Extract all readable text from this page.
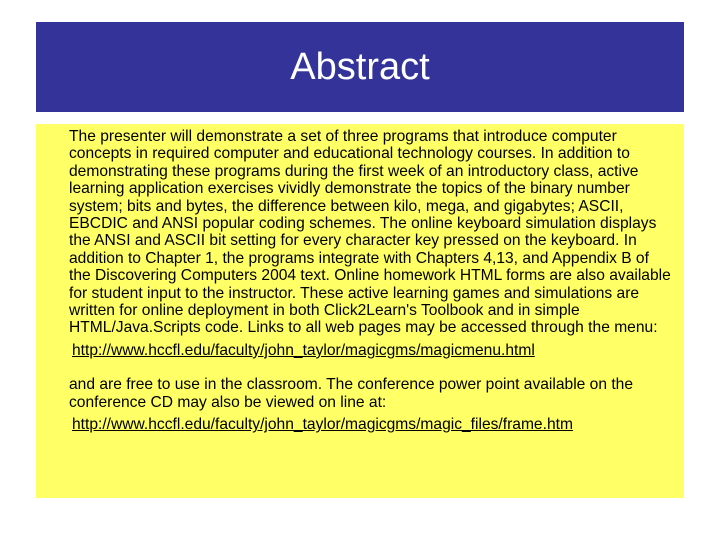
Abstract

The presenter will demonstrate a set of three programs that introduce computer concepts in required computer and educational technology courses. In addition to demonstrating these programs during the first week of an introductory class, active learning application exercises vividly demonstrate the topics of the binary number system; bits and bytes, the difference between kilo, mega, and gigabytes; ASCII, EBCDIC and ANSI popular coding schemes. The online keyboard simulation displays the ANSI and ASCII bit setting for every character key pressed on the keyboard. In addition to Chapter 1, the programs integrate with Chapters 4,13, and Appendix B of the Discovering Computers 2004 text. Online homework HTML forms are also available for student input to the instructor. These active learning games and simulations are written for online deployment in both Click2Learn's Toolbook and in simple HTML/Java.Scripts code. Links to all web pages may be accessed through the menu:

http://www.hccfl.edu/faculty/john_taylor/magicgms/magicmenu.html

and are free to use in the classroom. The conference power point available on the conference CD may also be viewed on line at:

http://www.hccfl.edu/faculty/john_taylor/magicgms/magic_files/frame.htm
